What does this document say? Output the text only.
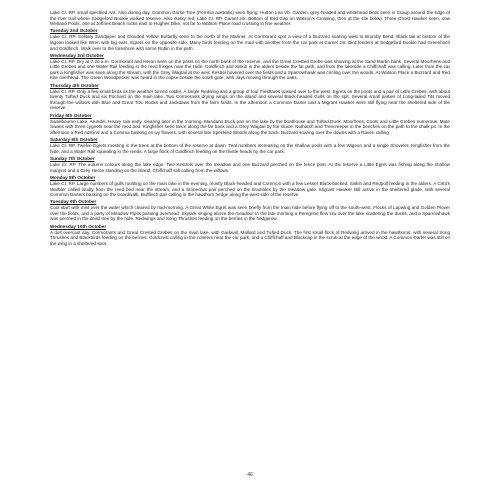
Lake Cr. RP, small speckled Ant. Also during day, Common Gorse Tree (Perrinia australis) seen flying; Hutton Lea Vb. Garden, grey-headed and whitehead birds seen in Scaup around the edge of the river trail where Sedgeford Bookie walked reserve. Also dusky red, Lake Cr. RP, Camel Jnr. Bottom of Bird Gap on Watson's Crossing, then at the site below. Three Ghost Hawker seen, now Wetland Pools, one at Jeffries Beach rocks east to Hughes Dike, not far to Watson Place road crossing in fine weather.

Tuesday 2nd October

Lake Cr. RP. Solitary Sandpiper and Clouded Yellow Butterfly seen to the north of the Mariner. At Cormorant spot a view of a Buzzard soaring west to Brumby Bend. Black tail at bottom of the lagoon looked like Wren with big ears. Egrets on the opposite side. Many birds feeding on the mud with another from the car park at Camel Jnr. Bird feeders at Sedgeford Bookie had Greenfinch and Goldfinch. Walk over to the foreshore with some Robin in the path.

Wednesday 3rd October

Lake Cr. RP. Dry at 7.20 a.m. Cormorant and Heron seen on the posts on the north bank of the reserve, and the Great Crested Grebe was showing at the Sand Martin bank. Several Moorhens and Little Grebes and one Water Rail feeding in the reed fringes near the Hide. Goldfinch and Siskin in the alders beside the far path, and from the lakeside a Chiffchaff was calling. Later from the car park a Kingfisher was seen along the stream, with the Grey Wagtail at the weir. Kestrel hovered over the fields and a Sparrowhawk was circling over the woods. At Watson Place a Buzzard and Red Kite overhead. The Green Woodpecker was heard in the copse beside the south gate, with Jays moving through the oaks.

Thursday 4th October

Lake Cr. RP. Only a few small birds as the weather turned colder. A single Redwing and a group of four Fieldfares passed over to the west. Egrets on the pools and a pair of Little Grebes, with about twenty Tufted Duck and six Pochard on the main lake. Two Cormorants drying wings on the island and several Black-headed Gulls on the spit. Several small parties of Long-tailed Tits moved through the willows with Blue and Great Tits. Rooks and Jackdaws from the farm fields. In the afternoon a Common Darter and a Migrant Hawker were still flying near the sheltered side of the reserve.

Friday 5th October

Swanbourne Lake, Arundel. Heavy rain early, clearing later in the morning. Mandarin Duck pair on the lake by the boathouse and Tufted Duck. Moorhens, Coots and Little Grebes numerous. Mute Swans with three cygnets near the reed bed. Kingfisher seen twice along the far bank and a Grey Wagtail by the sluice. Nuthatch and Treecreeper in the beeches on the path to the chalk pit. In the afternoon a Red Admiral and a Comma basking on ivy flowers, with several late Speckled Woods along the track. Buzzard soaring over the downs with a Raven calling.

Saturday 6th October

Lake Cr. RP. Twelve Egrets roosting in the trees at the bottom of the reserve at dawn. Teal numbers increasing on the shallow pools with a few Wigeon and a single Shoveler. Kingfisher from the hide, and a Water Rail squealing in the reeds. A large flock of Goldfinch feeding on the thistle heads by the car park.

Sunday 7th October

Lake Cr. RP. The autumn colours along the lake edge. Two Kestrels over the meadow and one Buzzard perched on the fence post. At the reserve a Little Egret was fishing along the shallow margins and a Grey Heron standing on the island. Chiffchaff still calling from the willows.

Monday 8th October

Lake Cr. RP. Large numbers of gulls roosting on the main lake in the evening, mostly Black-headed and Common with a few Lesser Black-backed. Siskin and Redpoll feeding in the alders. A Cetti's Warbler called loudly from the reed bed near the stream, and a Stonechat pair perched on the brambles by the meadow gate. Migrant Hawker still active in the sheltered glade, with several Common Darters basking on the boardwalk. Bullfinch pair calling in the hawthorn hedge along the west side of the reserve.

Tuesday 9th October

Cool start with mist over the water which cleared by mid-morning. A Great White Egret was seen briefly from the main hide before flying off to the south-west. Flocks of Lapwing and Golden Plover over the fields, and a party of Meadow Pipits passing overhead. Skylark singing above the meadow. In the late morning a Peregrine flew low over the lake scattering the ducks, and a Sparrowhawk was perched in the dead tree by the hide. Redwings and Song Thrushes feeding on the berries in the hedgerow.

Wednesday 10th October

A dull overcast day. Cormorants and Great Crested Grebes on the main lake, with Gadwall, Mallard and Tufted Duck. The first small flock of Redwing arrived in the hawthorns, with several Song Thrushes and Blackbirds feeding on the berries. Goldcrest calling in the conifers near the car park, and a Chiffchaff and Blackcap in the scrub at the edge of the wood. A Common Darter was still on the wing in a sheltered spot.

46
